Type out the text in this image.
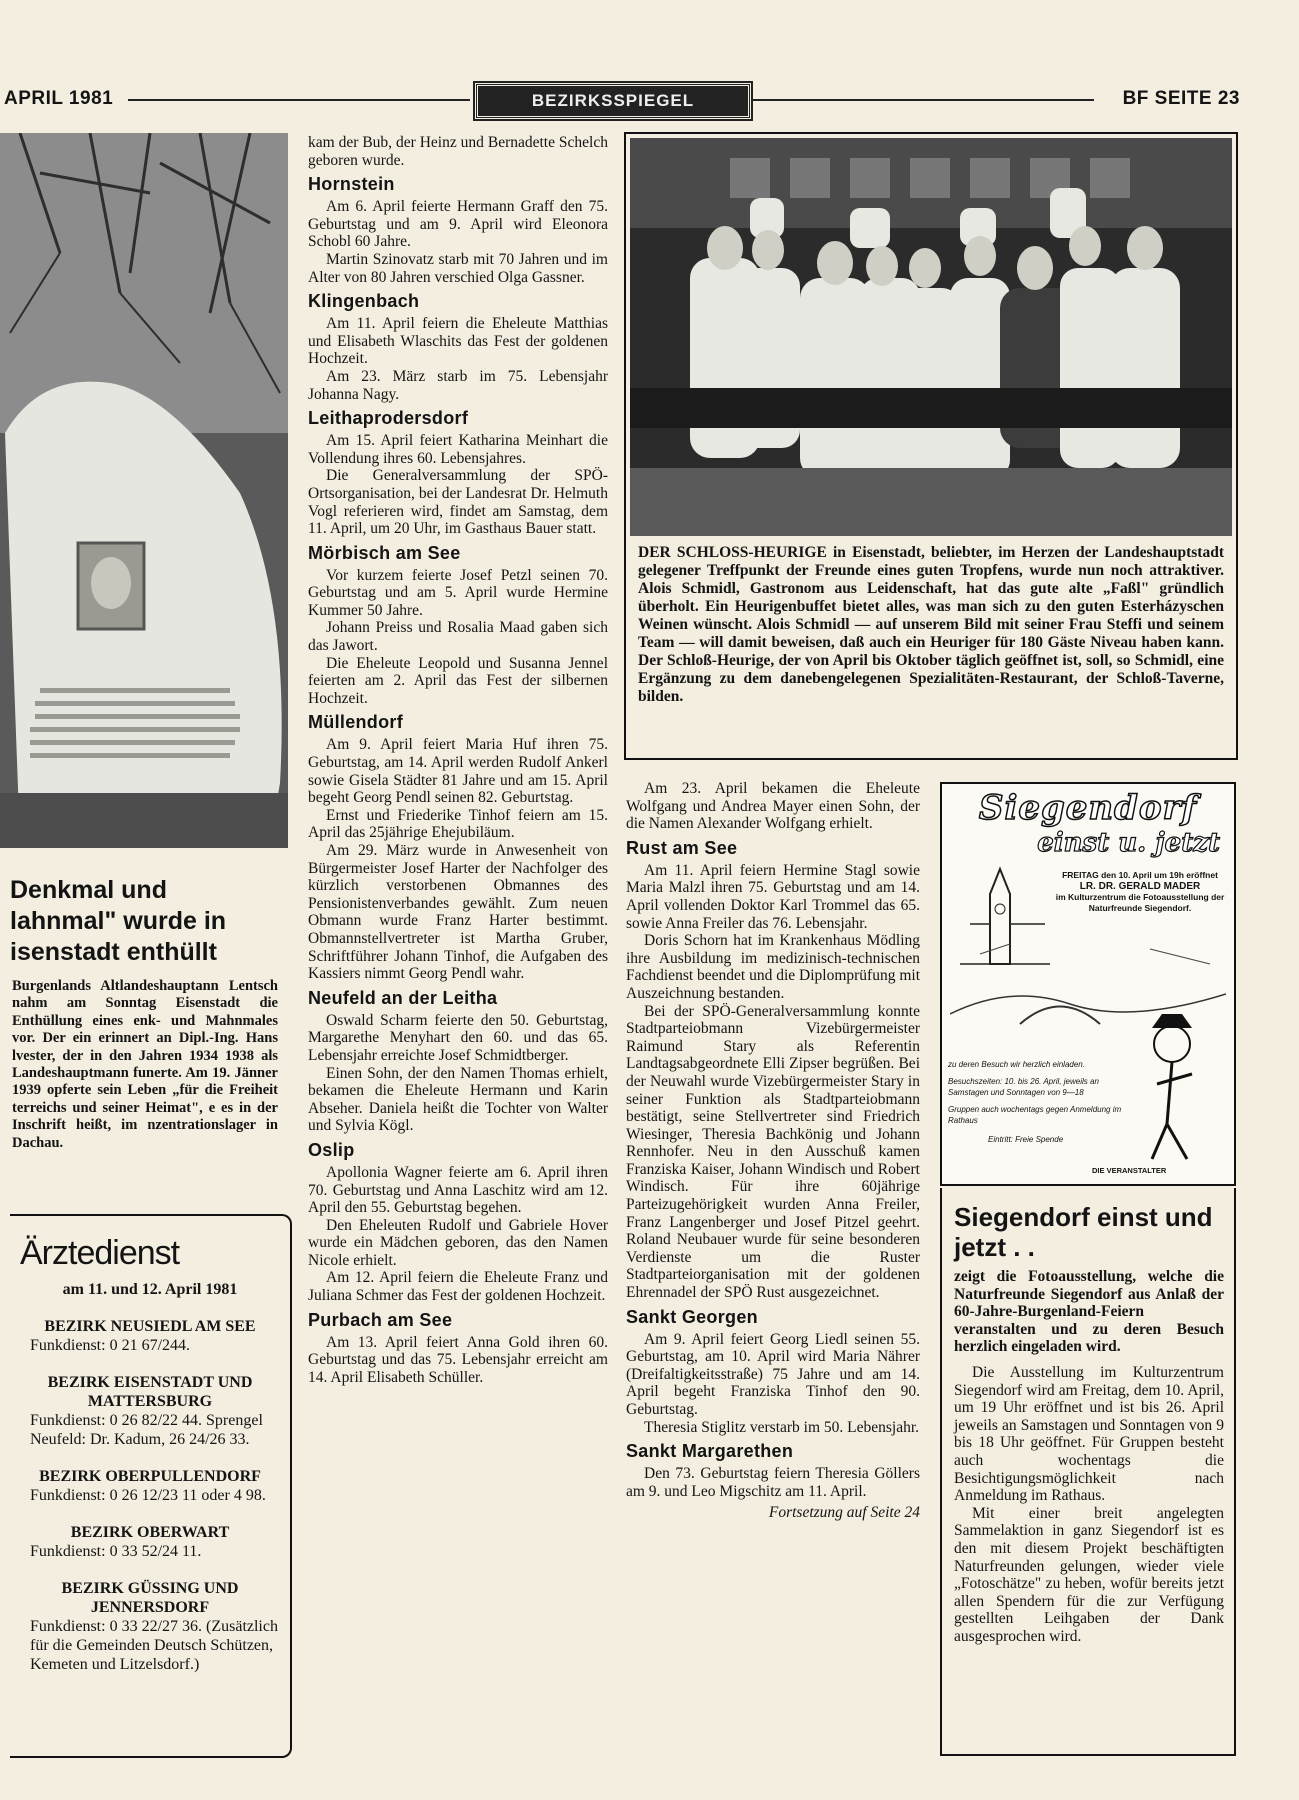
APRIL 1981	BEZIRKSSPIEGEL	BF SEITE 23
Denkmal und lahnmal" wurde in isenstadt enthüllt

Burgenlands Altlandeshauptann Lentsch nahm am Sonntag Eisenstadt die Enthüllung eines enk- und Mahnmales vor. Der ein erinnert an Dipl.-Ing. Hans lvester, der in den Jahren 1934 1938 als Landeshauptmann funerte. Am 19. Jänner 1939 opferte sein Leben „für die Freiheit terreichs und seiner Heimat", e es in der Inschrift heißt, im nzentrationslager in Dachau.

Ärztedienst
am 11. und 12. April 1981
BEZIRK NEUSIEDL AM SEE
Funkdienst: 0 21 67/244.
BEZIRK EISENSTADT UND MATTERSBURG
Funkdienst: 0 26 82/22 44. Sprengel Neufeld: Dr. Kadum, 26 24/26 33.
BEZIRK OBERPULLENDORF
Funkdienst: 0 26 12/23 11 oder 4 98.
BEZIRK OBERWART
Funkdienst: 0 33 52/24 11.
BEZIRK GÜSSING UND JENNERSDORF
Funkdienst: 0 33 22/27 36. (Zusätzlich für die Gemeinden Deutsch Schützen, Kemeten und Litzelsdorf.)

kam der Bub, der Heinz und Bernadette Schelch geboren wurde.

Hornstein

Am 6. April feierte Hermann Graff den 75. Geburtstag und am 9. April wird Eleonora Schobl 60 Jahre.

Martin Szinovatz starb mit 70 Jahren und im Alter von 80 Jahren verschied Olga Gassner.

Klingenbach

Am 11. April feiern die Eheleute Matthias und Elisabeth Wlaschits das Fest der goldenen Hochzeit.

Am 23. März starb im 75. Lebensjahr Johanna Nagy.

Leithaprodersdorf

Am 15. April feiert Katharina Meinhart die Vollendung ihres 60. Lebensjahres.

Die Generalversammlung der SPÖ-Ortsorganisation, bei der Landesrat Dr. Helmuth Vogl referieren wird, findet am Samstag, dem 11. April, um 20 Uhr, im Gasthaus Bauer statt.

Mörbisch am See

Vor kurzem feierte Josef Petzl seinen 70. Geburtstag und am 5. April wurde Hermine Kummer 50 Jahre.

Johann Preiss und Rosalia Maad gaben sich das Jawort.

Die Eheleute Leopold und Susanna Jennel feierten am 2. April das Fest der silbernen Hochzeit.

Müllendorf

Am 9. April feiert Maria Huf ihren 75. Geburtstag, am 14. April werden Rudolf Ankerl sowie Gisela Städter 81 Jahre und am 15. April begeht Georg Pendl seinen 82. Geburtstag.

Ernst und Friederike Tinhof feiern am 15. April das 25jährige Ehejubiläum.

Am 29. März wurde in Anwesenheit von Bürgermeister Josef Harter der Nachfolger des kürzlich verstorbenen Obmannes des Pensionistenverbandes gewählt. Zum neuen Obmann wurde Franz Harter bestimmt. Obmannstellvertreter ist Martha Gruber, Schriftführer Johann Tinhof, die Aufgaben des Kassiers nimmt Georg Pendl wahr.

Neufeld an der Leitha

Oswald Scharm feierte den 50. Geburtstag, Margarethe Menyhart den 60. und das 65. Lebensjahr erreichte Josef Schmidtberger.

Einen Sohn, der den Namen Thomas erhielt, bekamen die Eheleute Hermann und Karin Abseher. Daniela heißt die Tochter von Walter und Sylvia Kögl.

Oslip

Apollonia Wagner feierte am 6. April ihren 70. Geburtstag und Anna Laschitz wird am 12. April den 55. Geburtstag begehen.

Den Eheleuten Rudolf und Gabriele Hover wurde ein Mädchen geboren, das den Namen Nicole erhielt.

Am 12. April feiern die Eheleute Franz und Juliana Schmer das Fest der goldenen Hochzeit.

Purbach am See

Am 13. April feiert Anna Gold ihren 60. Geburtstag und das 75. Lebensjahr erreicht am 14. April Elisabeth Schüller.

DER SCHLOSS-HEURIGE in Eisenstadt, beliebter, im Herzen der Landeshauptstadt gelegener Treffpunkt der Freunde eines guten Tropfens, wurde nun noch attraktiver. Alois Schmidl, Gastronom aus Leidenschaft, hat das gute alte „Faßl" gründlich überholt. Ein Heurigenbuffet bietet alles, was man sich zu den guten Esterházyschen Weinen wünscht. Alois Schmidl — auf unserem Bild mit seiner Frau Steffi und seinem Team — will damit beweisen, daß auch ein Heuriger für 180 Gäste Niveau haben kann. Der Schloß-Heurige, der von April bis Oktober täglich geöffnet ist, soll, so Schmidl, eine Ergänzung zu dem danebengelegenen Spezialitäten-Restaurant, der Schloß-Taverne, bilden.

Am 23. April bekamen die Eheleute Wolfgang und Andrea Mayer einen Sohn, der die Namen Alexander Wolfgang erhielt.

Rust am See

Am 11. April feiern Hermine Stagl sowie Maria Malzl ihren 75. Geburtstag und am 14. April vollenden Doktor Karl Trommel das 65. sowie Anna Freiler das 76. Lebensjahr.

Doris Schorn hat im Krankenhaus Mödling ihre Ausbildung im medizinisch-technischen Fachdienst beendet und die Diplomprüfung mit Auszeichnung bestanden.

Bei der SPÖ-Generalversammlung konnte Stadtparteiobmann Vizebürgermeister Raimund Stary als Referentin Landtagsabgeordnete Elli Zipser begrüßen. Bei der Neuwahl wurde Vizebürgermeister Stary in seiner Funktion als Stadtparteiobmann bestätigt, seine Stellvertreter sind Friedrich Wiesinger, Theresia Bachkönig und Johann Rennhofer. Neu in den Ausschuß kamen Franziska Kaiser, Johann Windisch und Robert Windisch. Für ihre 60jährige Parteizugehörigkeit wurden Anna Freiler, Franz Langenberger und Josef Pitzel geehrt. Roland Neubauer wurde für seine besonderen Verdienste um die Ruster Stadtparteiorganisation mit der goldenen Ehrennadel der SPÖ Rust ausgezeichnet.

Sankt Georgen

Am 9. April feiert Georg Liedl seinen 55. Geburtstag, am 10. April wird Maria Nährer (Dreifaltigkeitsstraße) 75 Jahre und am 14. April begeht Franziska Tinhof den 90. Geburtstag.

Theresia Stiglitz verstarb im 50. Lebensjahr.

Sankt Margarethen

Den 73. Geburtstag feiern Theresia Göllers am 9. und Leo Migschitz am 11. April.

Fortsetzung auf Seite 24

Siegendorf
einst u. jetzt
FREITAG den 10. April um 19h eröffnet
LR. DR. GERALD MADER
im Kulturzentrum die Fotoausstellung der Naturfreunde Siegendorf.
zu deren Besuch wir herzlich einladen.
Besuchszeiten: 10. bis 26. April, jeweils an Samstagen und Sonntagen von 9—18
Gruppen auch wochentags gegen Anmeldung im Rathaus
Eintritt: Freie Spende
DIE VERANSTALTER
Siegendorf einst und jetzt . .

zeigt die Fotoausstellung, welche die Naturfreunde Siegendorf aus Anlaß der 60-Jahre-Burgenland-Feiern veranstalten und zu deren Besuch herzlich eingeladen wird.

Die Ausstellung im Kulturzentrum Siegendorf wird am Freitag, dem 10. April, um 19 Uhr eröffnet und ist bis 26. April jeweils an Samstagen und Sonntagen von 9 bis 18 Uhr geöffnet. Für Gruppen besteht auch wochentags die Besichtigungsmöglichkeit nach Anmeldung im Rathaus.

Mit einer breit angelegten Sammelaktion in ganz Siegendorf ist es den mit diesem Projekt beschäftigten Naturfreunden gelungen, wieder viele „Fotoschätze" zu heben, wofür bereits jetzt allen Spendern für die zur Verfügung gestellten Leihgaben der Dank ausgesprochen wird.
